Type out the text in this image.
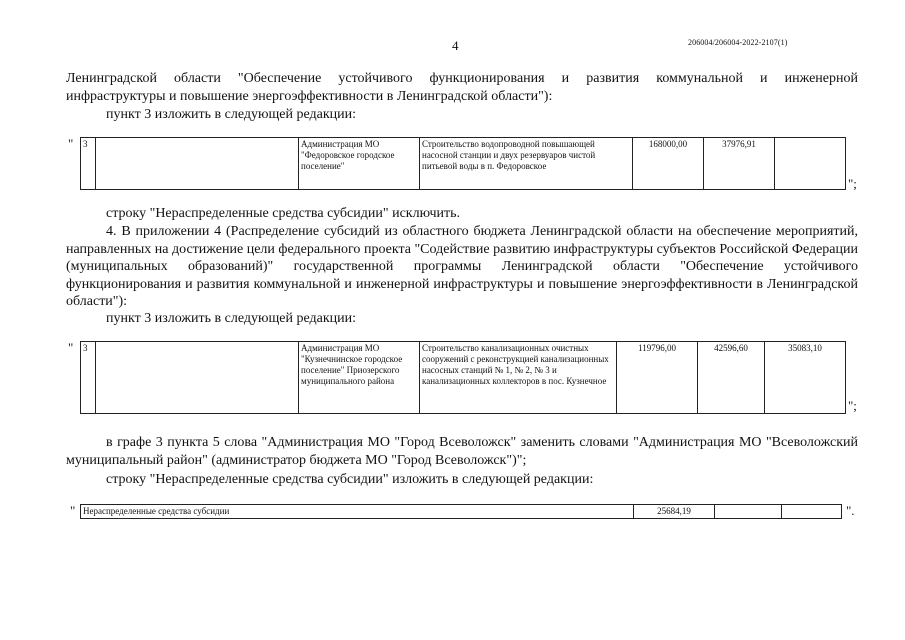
4	206004/206004-2022-2107(1)

Ленинградской области "Обеспечение устойчивого функционирования и развития коммунальной и инженерной

инфраструктуры и повышение энергоэффективности в Ленинградской области"):

пункт 3 изложить в следующей редакции:
" 3		Администрация МО "Федоровское городское поселение"	Строительство водопроводной повышающей насосной станции и двух резервуаров чистой питьевой воды в п. Федоровское	168000,00	37976,91	
";
строку "Нераспределенные средства субсидии" исключить.

4. В приложении 4 (Распределение субсидий из областного бюджета Ленинградской области на обеспечение мероприятий, направленных на достижение цели федерального проекта "Содействие развитию инфраструктуры субъектов Российской Федерации (муниципальных образований)" государственной программы Ленинградской области "Обеспечение устойчивого функционирования и развития коммунальной и инженерной инфраструктуры и повышение энергоэффективности в Ленинградской области"):

пункт 3 изложить в следующей редакции:
" 3		Администрация МО "Кузнечнинское городское поселение" Приозерского муниципального района	Строительство канализационных очистных сооружений с реконструкцией канализационных насосных станций № 1, № 2, № 3 и канализационных коллекторов в пос. Кузнечное	119796,00	42596,60	35083,10
";

в графе 3 пункта 5 слова "Администрация МО "Город Всеволожск" заменить словами "Администрация МО "Всеволожский муниципальный район" (администратор бюджета МО "Город Всеволожск")";

строку "Нераспределенные средства субсидии" изложить в следующей редакции:
" Нераспределенные средства субсидии	25684,19			".
